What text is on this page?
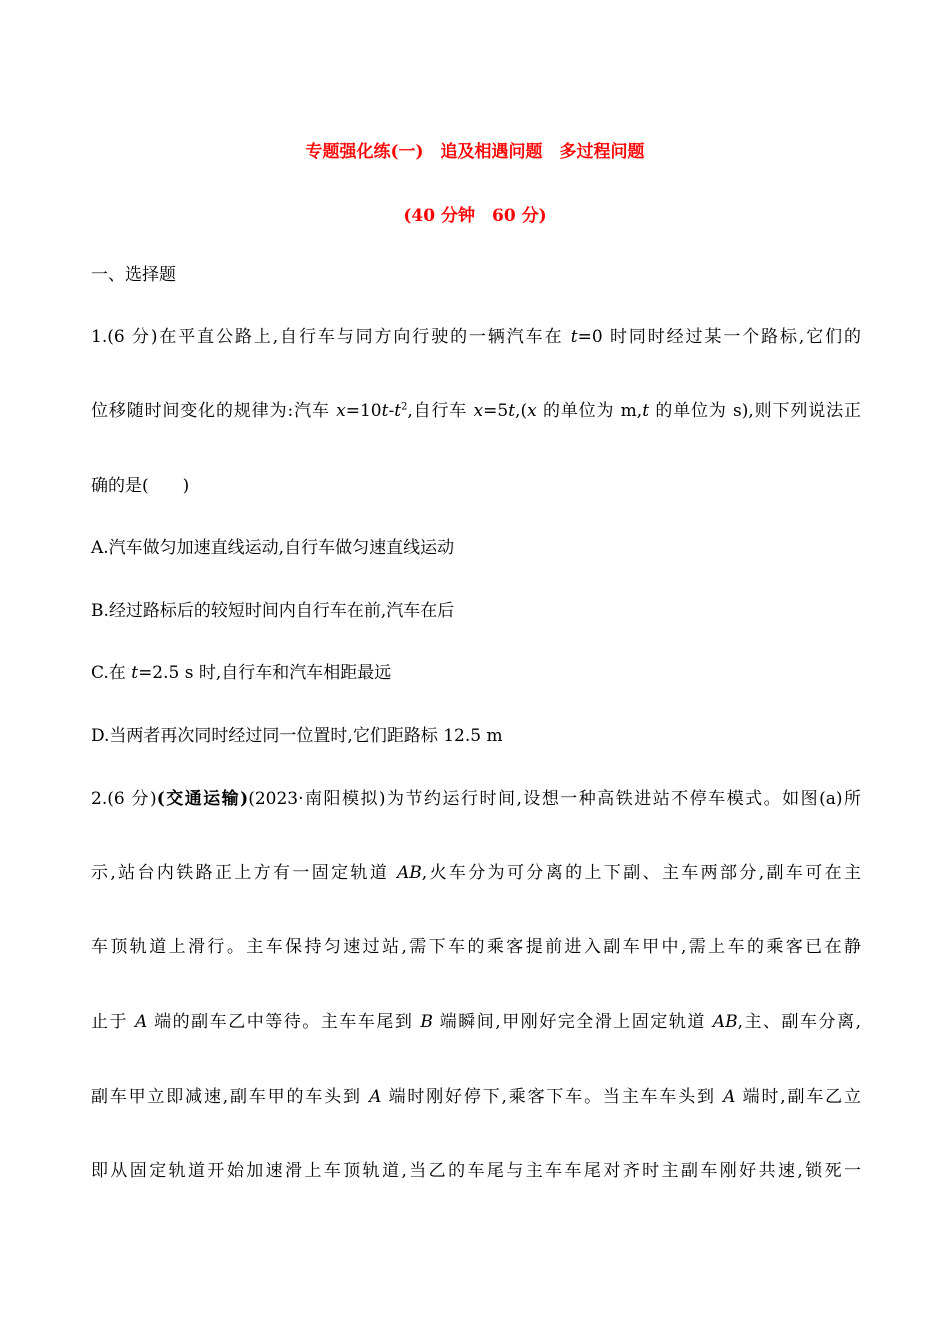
专题强化练(一)　追及相遇问题　多过程问题
(40 分钟　60 分)
一、选择题
1.(6 分)在平直公路上,自行车与同方向行驶的一辆汽车在 t=0 时同时经过某一个路标,它们的
位移随时间变化的规律为:汽车 $x=10t-t^2$,自行车 x=5t,(x 的单位为 m,t 的单位为 s),则下列说法正
确的是(　　)
A.汽车做匀加速直线运动,自行车做匀速直线运动
B.经过路标后的较短时间内自行车在前,汽车在后
C.在 t=2.5 s 时,自行车和汽车相距最远
D.当两者再次同时经过同一位置时,它们距路标 12.5 m
2.(6 分)(交通运输)(2023·南阳模拟)为节约运行时间,设想一种高铁进站不停车模式。如图(a)所
示,站台内铁路正上方有一固定轨道 AB,火车分为可分离的上下副、主车两部分,副车可在主
车顶轨道上滑行。主车保持匀速过站,需下车的乘客提前进入副车甲中,需上车的乘客已在静
止于 A 端的副车乙中等待。主车车尾到 B 端瞬间,甲刚好完全滑上固定轨道 AB,主、副车分离,
副车甲立即减速,副车甲的车头到 A 端时刚好停下,乘客下车。当主车车头到 A 端时,副车乙立
即从固定轨道开始加速滑上车顶轨道,当乙的车尾与主车车尾对齐时主副车刚好共速,锁死一
